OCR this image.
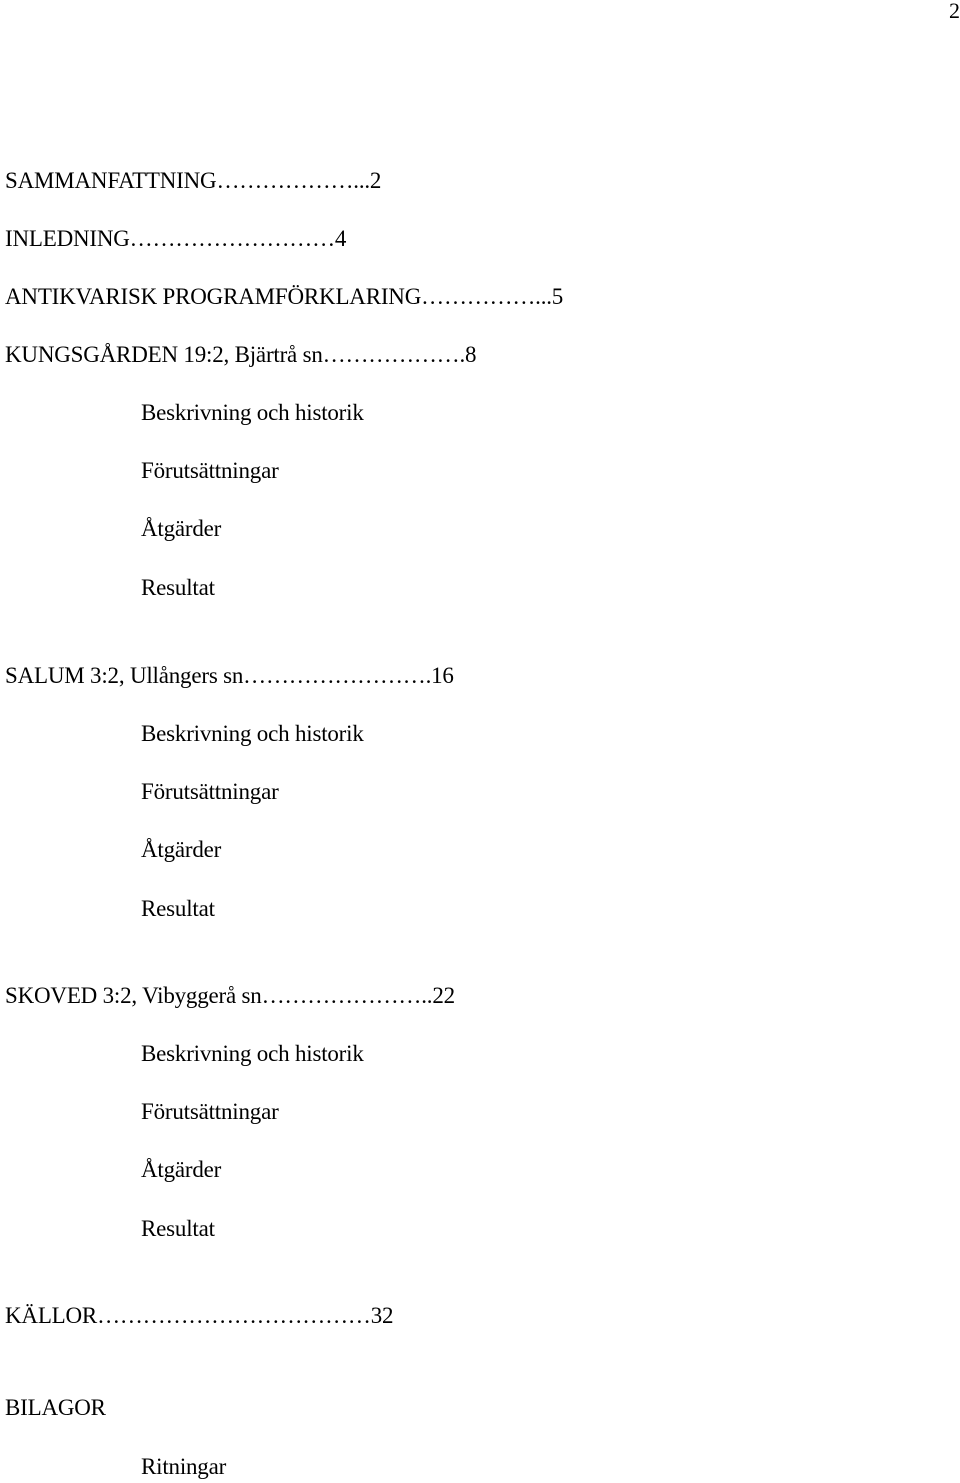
2
SAMMANFATTNING………………...2
INLEDNING………………………4
ANTIKVARISK PROGRAMFÖRKLARING……………...5
KUNGSGÅRDEN 19:2, Bjärtrå sn……………….8
Beskrivning och historik
Förutsättningar
Åtgärder
Resultat
SALUM 3:2, Ullångers sn…………………….16
Beskrivning och historik
Förutsättningar
Åtgärder
Resultat
SKOVED 3:2, Vibyggerå sn…………………..22
Beskrivning och historik
Förutsättningar
Åtgärder
Resultat
KÄLLOR………………………………32
BILAGOR
Ritningar
